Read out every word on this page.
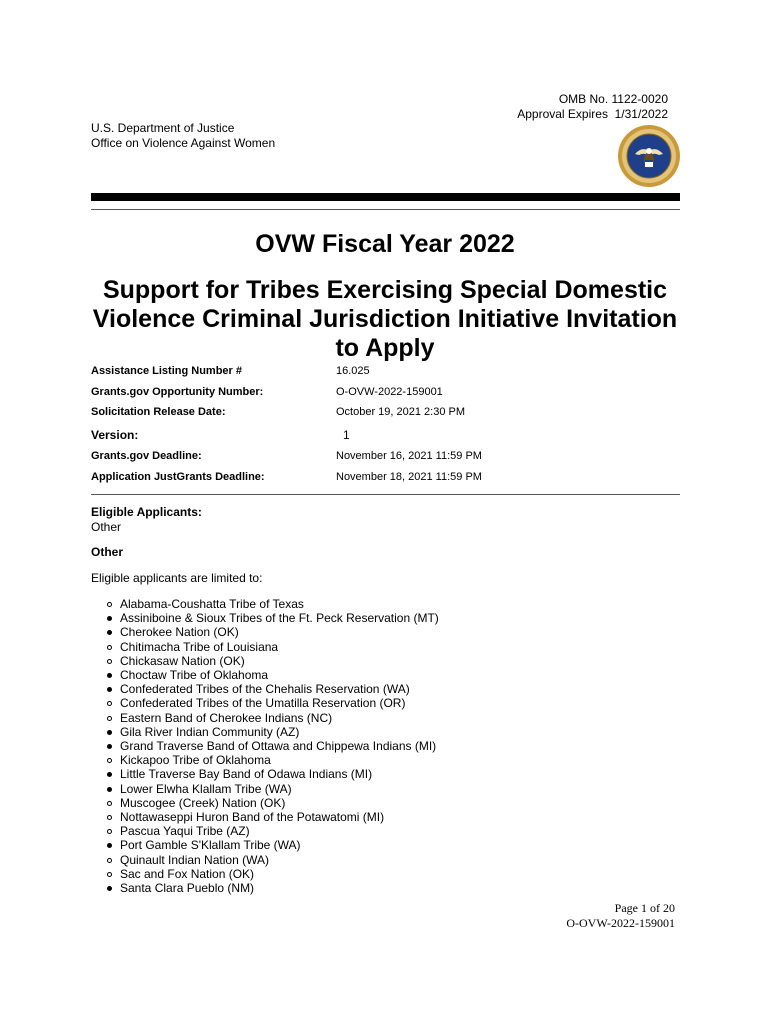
OMB No. 1122-0020
Approval Expires  1/31/2022
U.S. Department of Justice
Office on Violence Against Women
OVW Fiscal Year 2022
Support for Tribes Exercising Special Domestic Violence Criminal Jurisdiction Initiative Invitation to Apply
Assistance Listing Number #	16.025
Grants.gov Opportunity Number:	O-OVW-2022-159001
Solicitation Release Date:	October 19, 2021 2:30 PM
Version:	1
Grants.gov Deadline:	November 16, 2021 11:59 PM
Application JustGrants Deadline:	November 18, 2021 11:59 PM
Eligible Applicants:
Other
Other
Eligible applicants are limited to:
Alabama-Coushatta Tribe of Texas
Assiniboine & Sioux Tribes of the Ft. Peck Reservation (MT)
Cherokee Nation (OK)
Chitimacha Tribe of Louisiana
Chickasaw Nation (OK)
Choctaw Tribe of Oklahoma
Confederated Tribes of the Chehalis Reservation (WA)
Confederated Tribes of the Umatilla Reservation (OR)
Eastern Band of Cherokee Indians (NC)
Gila River Indian Community (AZ)
Grand Traverse Band of Ottawa and Chippewa Indians (MI)
Kickapoo Tribe of Oklahoma
Little Traverse Bay Band of Odawa Indians (MI)
Lower Elwha Klallam Tribe (WA)
Muscogee (Creek) Nation (OK)
Nottawaseppi Huron Band of the Potawatomi (MI)
Pascua Yaqui Tribe (AZ)
Port Gamble S'Klallam Tribe (WA)
Quinault Indian Nation (WA)
Sac and Fox Nation (OK)
Santa Clara Pueblo (NM)
Page 1 of 20
O-OVW-2022-159001
